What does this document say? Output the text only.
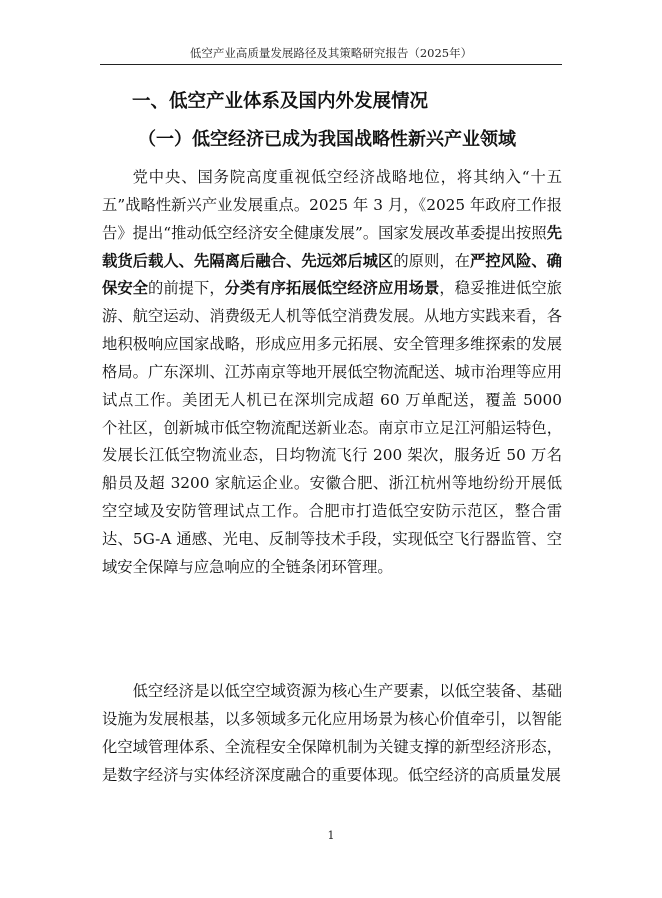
低空产业高质量发展路径及其策略研究报告（2025年）
一、低空产业体系及国内外发展情况
（一）低空经济已成为我国战略性新兴产业领域

党中央、国务院高度重视低空经济战略地位，将其纳入“十五五”战略性新兴产业发展重点。2025 年 3 月，《2025 年政府工作报告》提出“推动低空经济安全健康发展”。国家发展改革委提出按照先载货后载人、先隔离后融合、先远郊后城区的原则，在严控风险、确保安全的前提下，分类有序拓展低空经济应用场景，稳妥推进低空旅游、航空运动、消费级无人机等低空消费发展。从地方实践来看，各地积极响应国家战略，形成应用多元拓展、安全管理多维探索的发展格局。广东深圳、江苏南京等地开展低空物流配送、城市治理等应用试点工作。美团无人机已在深圳完成超 60 万单配送，覆盖 5000 个社区，创新城市低空物流配送新业态。南京市立足江河船运特色，发展长江低空物流业态，日均物流飞行 200 架次，服务近 50 万名船员及超 3200 家航运企业。安徽合肥、浙江杭州等地纷纷开展低空空域及安防管理试点工作。合肥市打造低空安防示范区，整合雷达、5G-A 通感、光电、反制等技术手段，实现低空飞行器监管、空域安全保障与应急响应的全链条闭环管理。

低空经济是以低空空域资源为核心生产要素，以低空装备、基础设施为发展根基，以多领域多元化应用场景为核心价值牵引，以智能化空域管理体系、全流程安全保障机制为关键支撑的新型经济形态，是数字经济与实体经济深度融合的重要体现。低空经济的高质量发展

1
